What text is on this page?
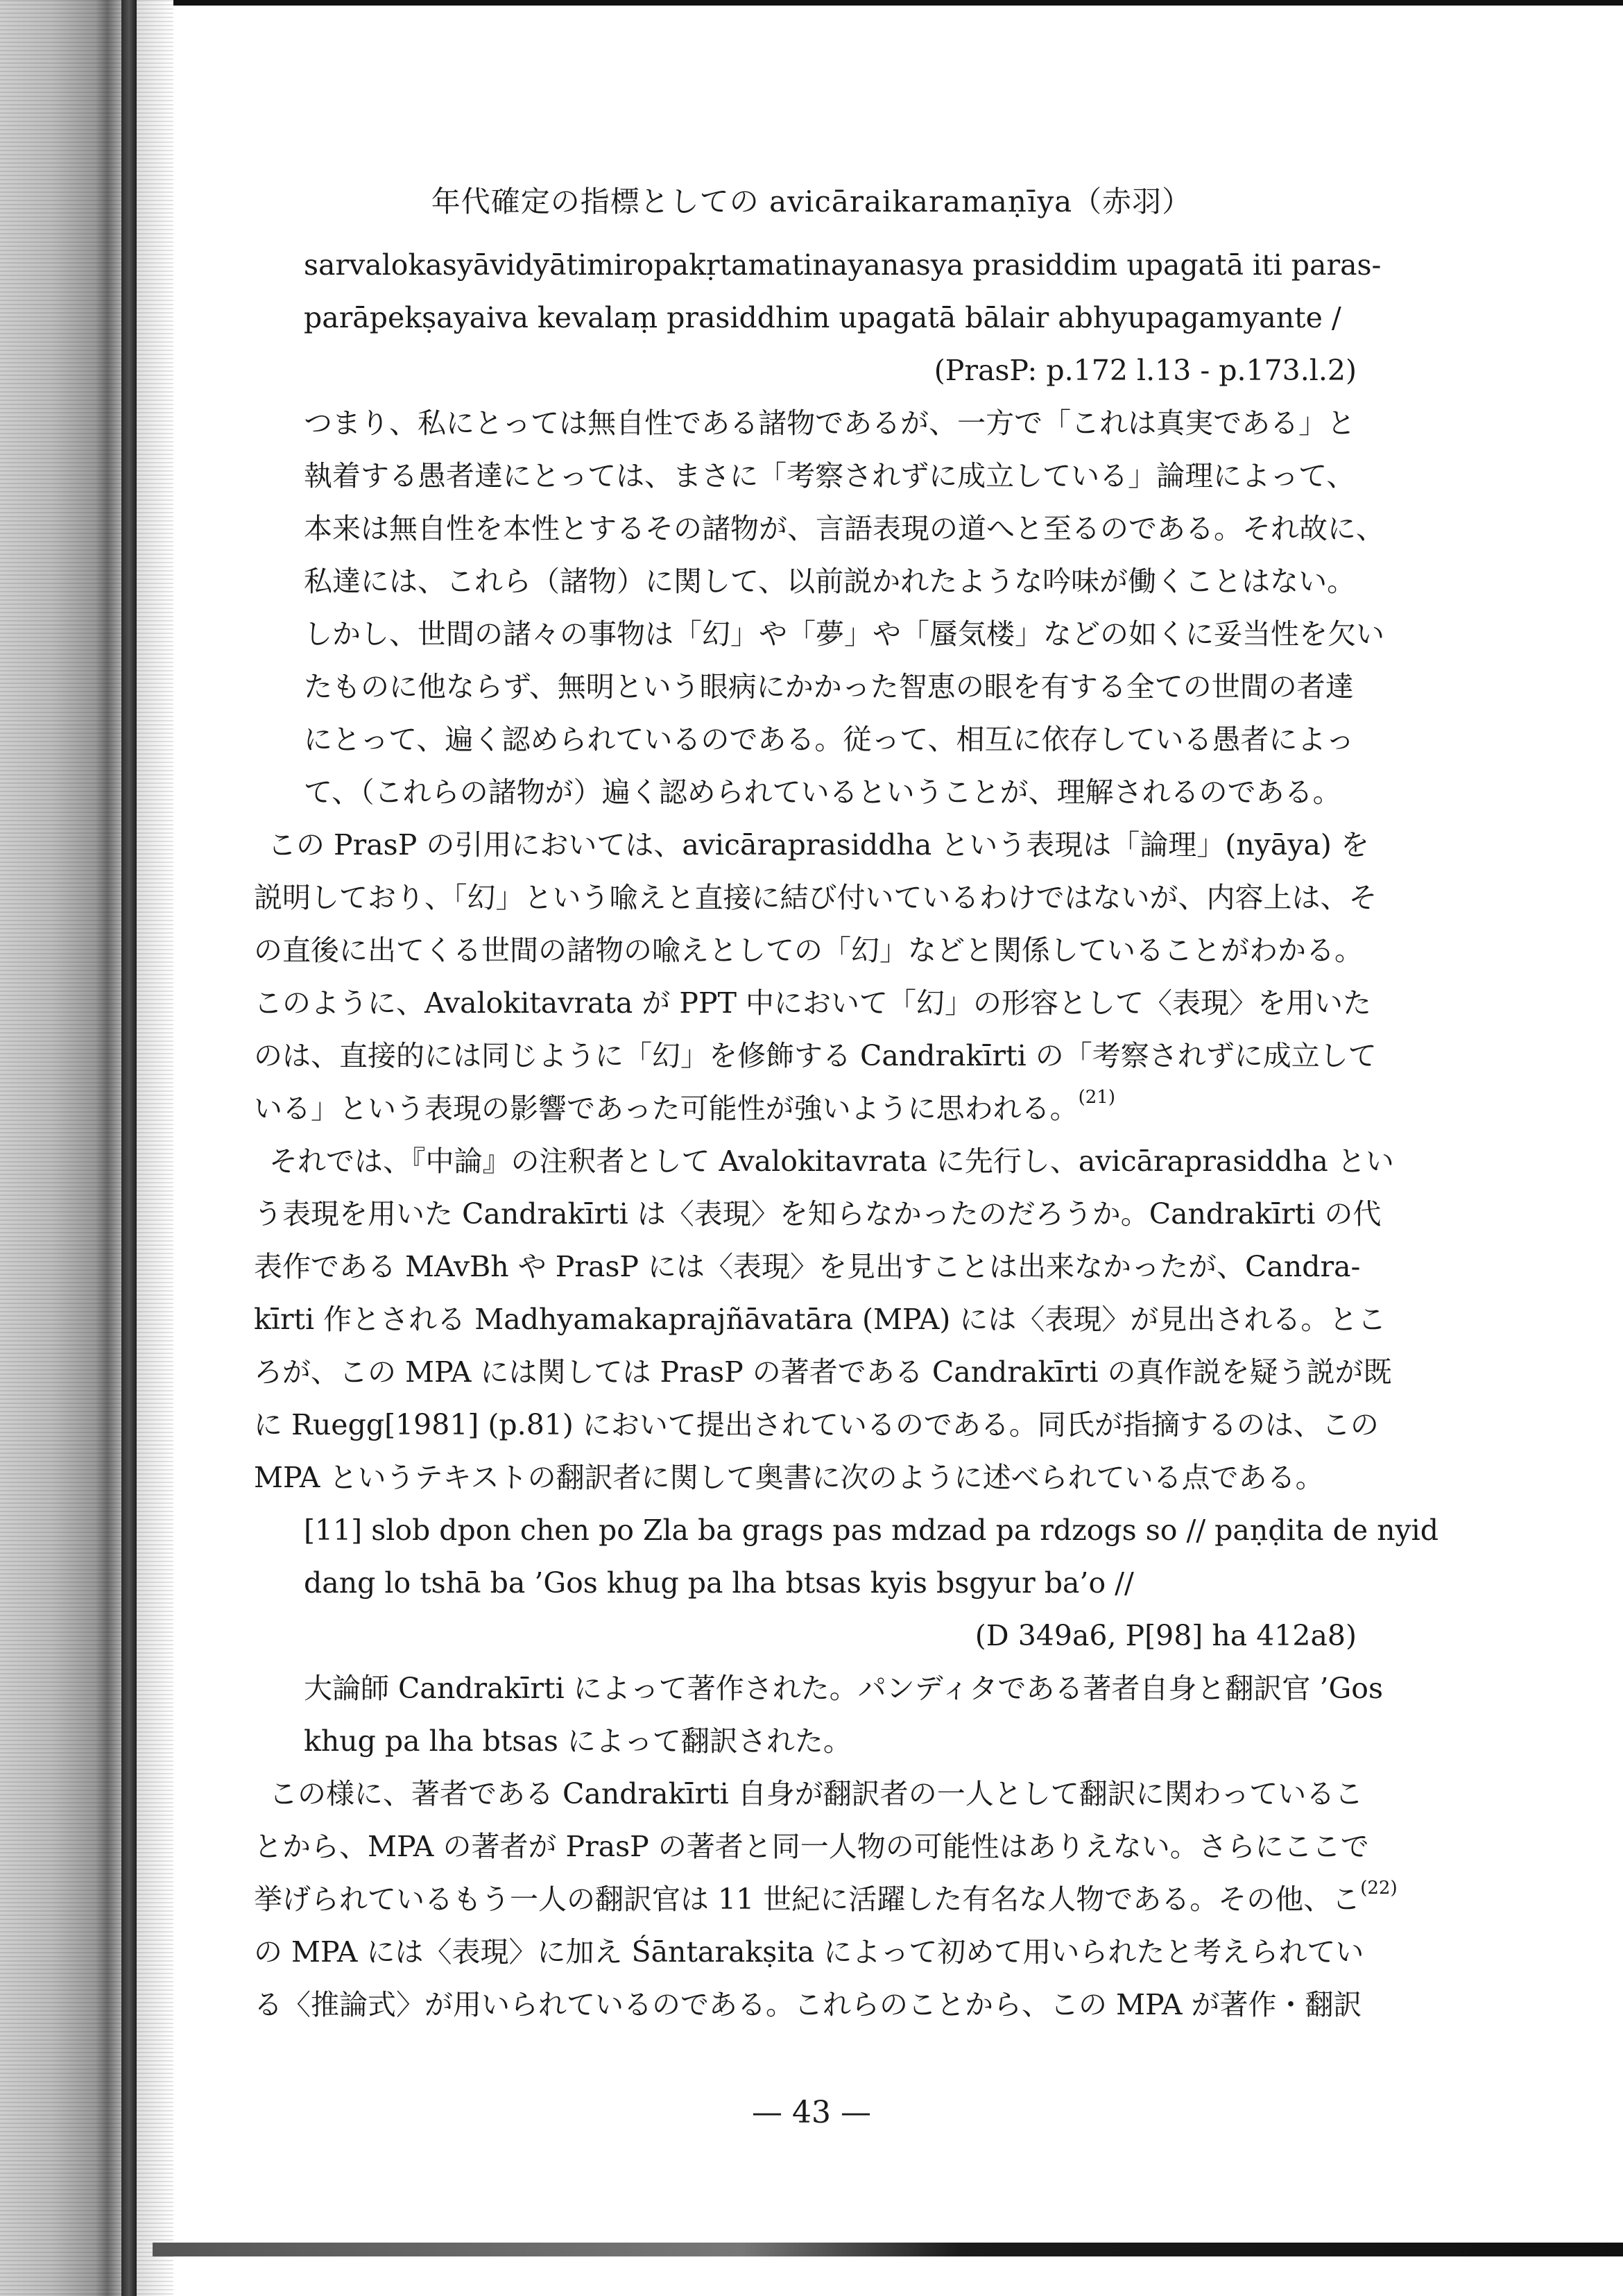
年代確定の指標としての avicāraikaramaṇīya（赤羽）
sarvalokasyāvidyātimiropakṛtamatinayanasya prasiddim upagatā iti paras-
parāpekṣayaiva kevalaṃ prasiddhim upagatā bālair abhyupagamyante /
(PrasP: p.172 l.13 - p.173.l.2)
つまり、私にとっては無自性である諸物であるが、一方で「これは真実である」と
執着する愚者達にとっては、まさに「考察されずに成立している」論理によって、
本来は無自性を本性とするその諸物が、言語表現の道へと至るのである。それ故に、
私達には、これら（諸物）に関して、以前説かれたような吟味が働くことはない。
しかし、世間の諸々の事物は「幻」や「夢」や「蜃気楼」などの如くに妥当性を欠い
たものに他ならず、無明という眼病にかかった智恵の眼を有する全ての世間の者達
にとって、遍く認められているのである。従って、相互に依存している愚者によっ
て、（これらの諸物が）遍く認められているということが、理解されるのである。
この PrasP の引用においては、avicāraprasiddha という表現は「論理」(nyāya) を
説明しており、「幻」という喩えと直接に結び付いているわけではないが、内容上は、そ
の直後に出てくる世間の諸物の喩えとしての「幻」などと関係していることがわかる。
このように、Avalokitavrata が PPT 中において「幻」の形容として〈表現〉を用いた
のは、直接的には同じように「幻」を修飾する Candrakīrti の「考察されずに成立して
いる」という表現の影響であった可能性が強いように思われる。$^{(21)}$
それでは、『中論』の注釈者として Avalokitavrata に先行し、avicāraprasiddha とい
う表現を用いた Candrakīrti は〈表現〉を知らなかったのだろうか。Candrakīrti の代
表作である MAvBh や PrasP には〈表現〉を見出すことは出来なかったが、Candra-
kīrti 作とされる Madhyamakaprajñāvatāra (MPA) には〈表現〉が見出される。とこ
ろが、この MPA には関しては PrasP の著者である Candrakīrti の真作説を疑う説が既
に Ruegg[1981] (p.81) において提出されているのである。同氏が指摘するのは、この
MPA というテキストの翻訳者に関して奥書に次のように述べられている点である。
[11] slob dpon chen po Zla ba grags pas mdzad pa rdzogs so // paṇḍita de nyid
dang lo tshā ba ’Gos khug pa lha btsas kyis bsgyur ba’o //
(D 349a6, P[98] ha 412a8)
大論師 Candrakīrti によって著作された。パンディタである著者自身と翻訳官 ’Gos
khug pa lha btsas によって翻訳された。
この様に、著者である Candrakīrti 自身が翻訳者の一人として翻訳に関わっているこ
とから、MPA の著者が PrasP の著者と同一人物の可能性はありえない。さらにここで
挙げられているもう一人の翻訳官は 11 世紀に活躍した有名な人物である。その他、こ$^{(22)}$
の MPA には〈表現〉に加え Śāntarakṣita によって初めて用いられたと考えられてい
る〈推論式〉が用いられているのである。これらのことから、この MPA が著作・翻訳
— 43 —
